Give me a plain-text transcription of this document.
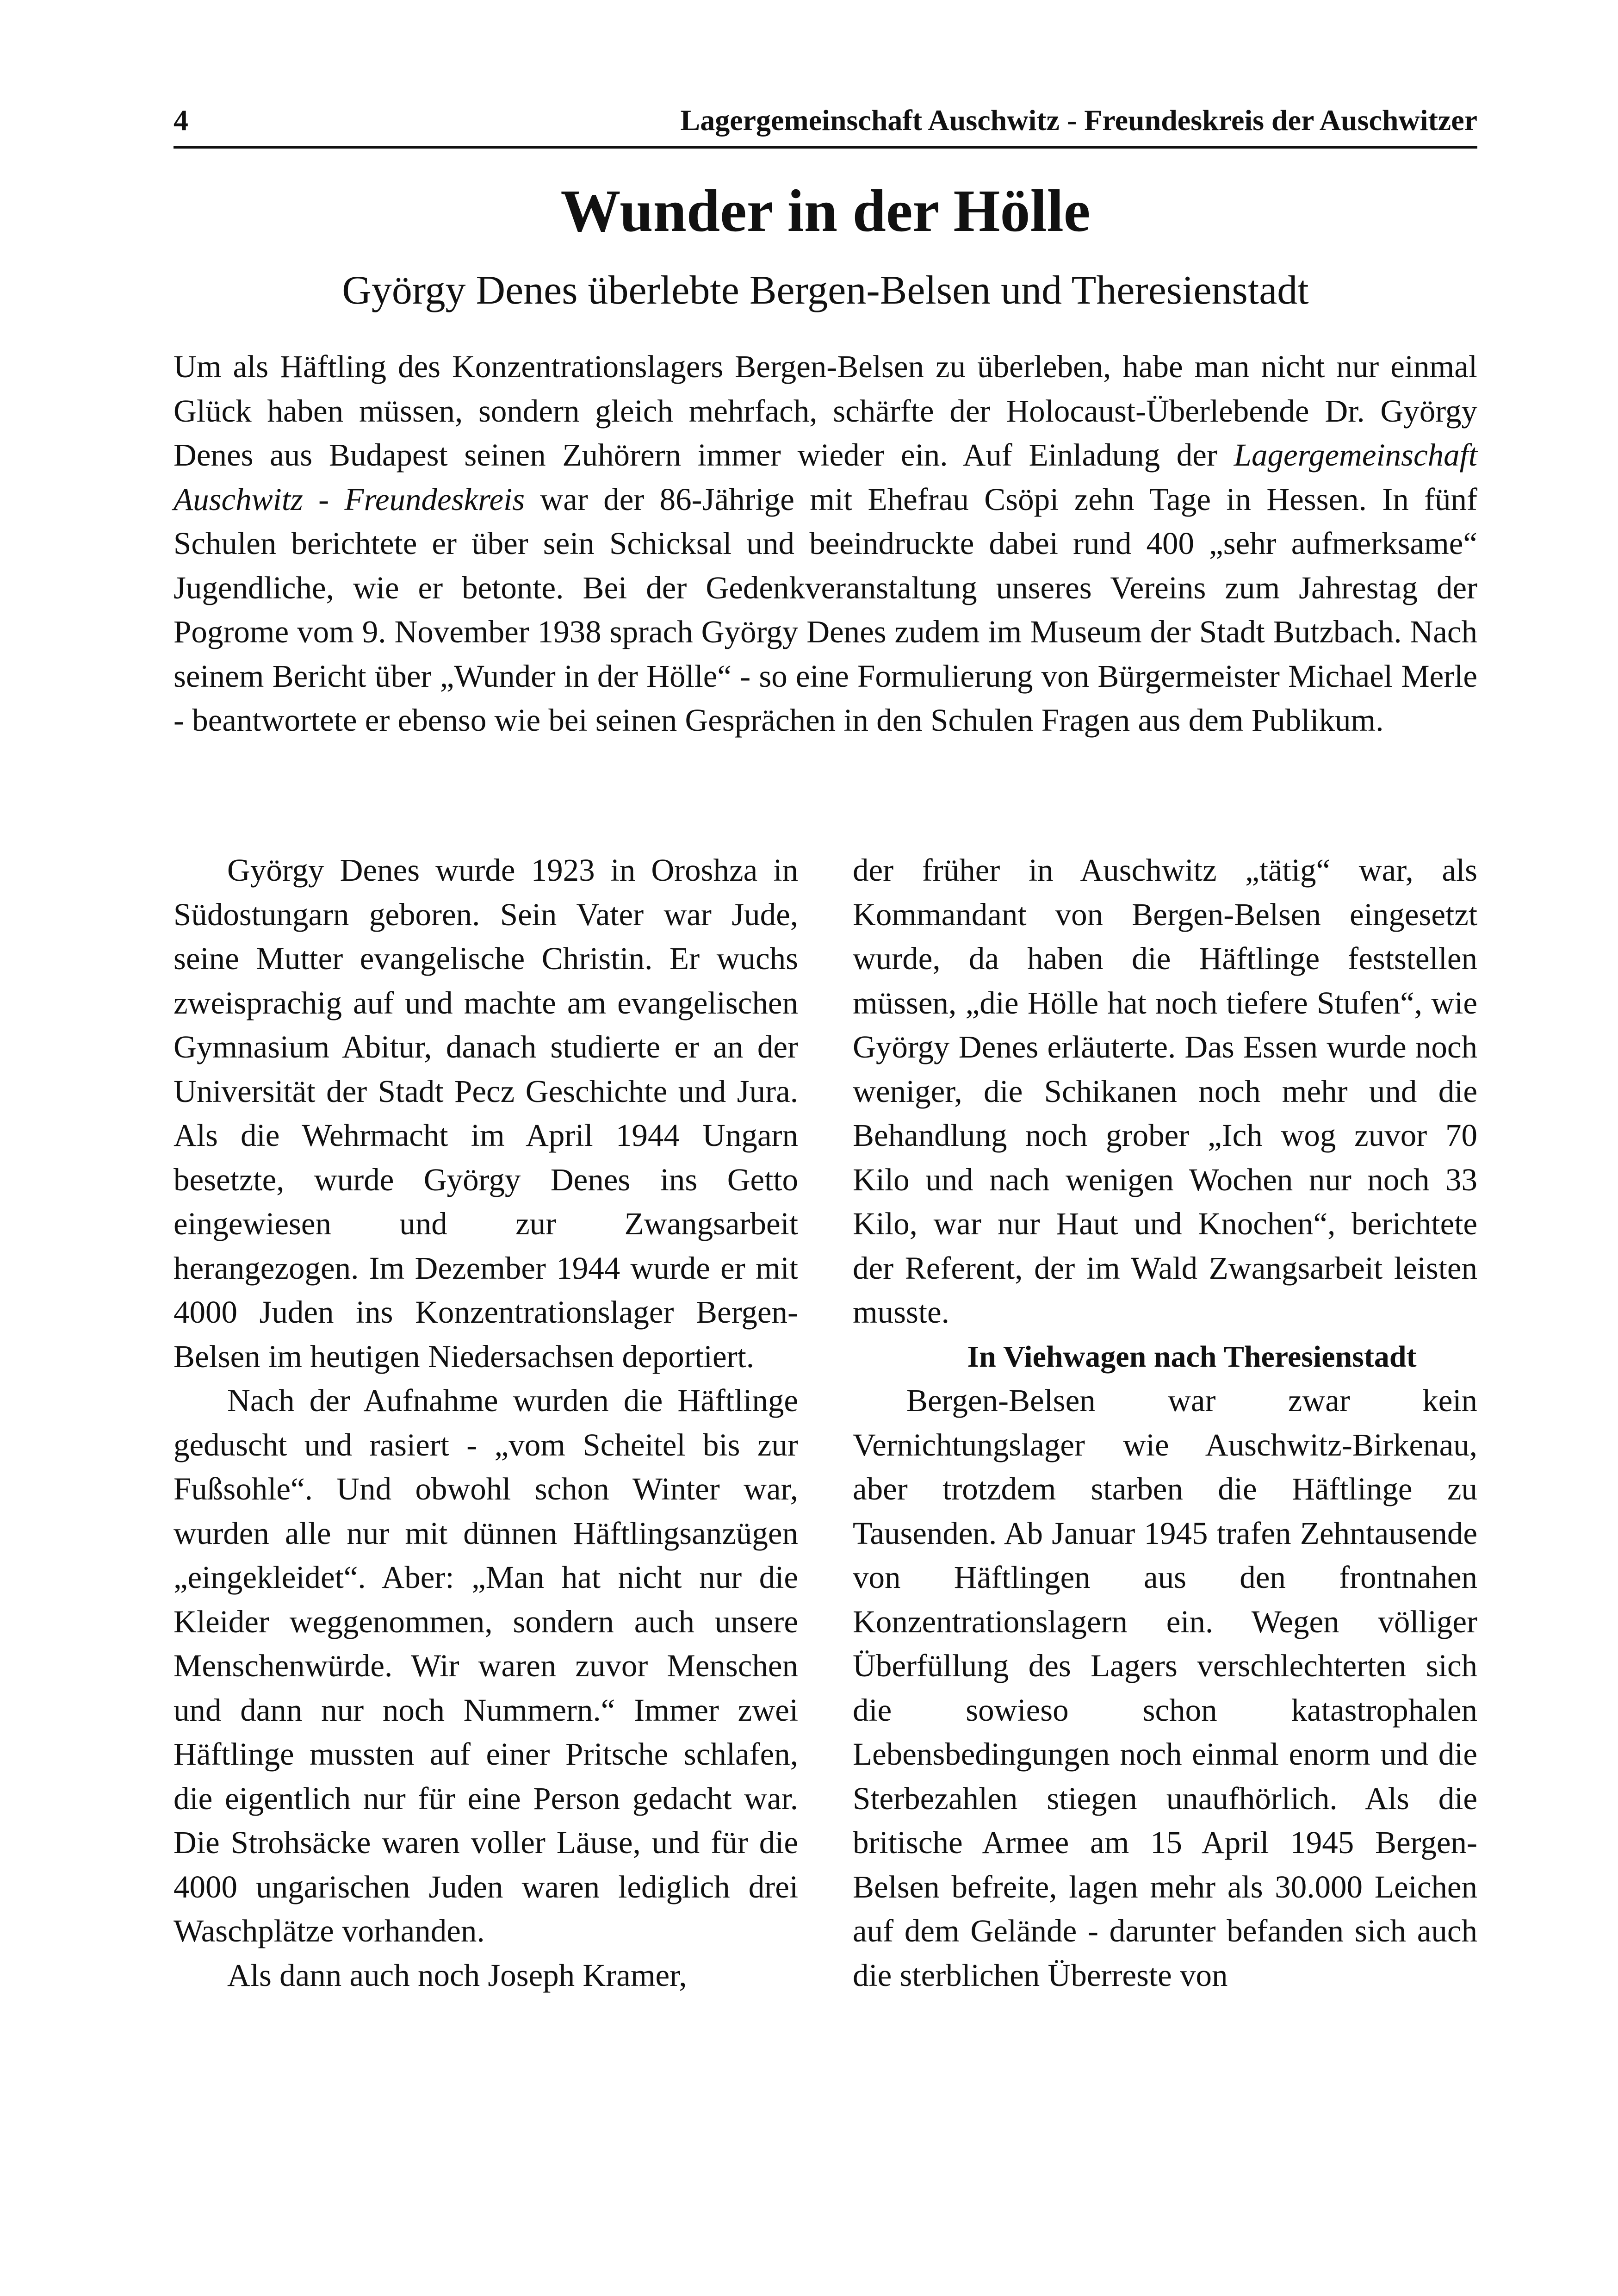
4	Lagergemeinschaft Auschwitz - Freundeskreis der Auschwitzer
Wunder in der Hölle
György Denes überlebte Bergen-Belsen und Theresienstadt

Um als Häftling des Konzentrationslagers Bergen-Belsen zu überleben, habe man nicht nur einmal Glück haben müssen, sondern gleich mehrfach, schärfte der Holocaust-Überlebende Dr. György Denes aus Budapest seinen Zuhörern immer wieder ein. Auf Einladung der Lagergemeinschaft Auschwitz - Freundeskreis war der 86-Jährige mit Ehefrau Csöpi zehn Tage in Hessen. In fünf Schulen berichtete er über sein Schicksal und beeindruckte dabei rund 400 „sehr aufmerksame“ Jugendliche, wie er betonte. Bei der Gedenkveranstaltung unseres Vereins zum Jahrestag der Pogrome vom 9. November 1938 sprach György Denes zudem im Museum der Stadt Butzbach. Nach seinem Bericht über „Wunder in der Hölle“ - so eine Formulierung von Bürgermeister Michael Merle - beantwortete er ebenso wie bei seinen Gesprächen in den Schulen Fragen aus dem Publikum.

György Denes wurde 1923 in Oroshza in Südostungarn geboren. Sein Vater war Jude, seine Mutter evangelische Christin. Er wuchs zweisprachig auf und machte am evangelischen Gymnasium Abitur, danach studierte er an der Universität der Stadt Pecz Geschichte und Jura. Als die Wehrmacht im April 1944 Ungarn besetzte, wurde György Denes ins Getto eingewiesen und zur Zwangsarbeit herangezogen. Im Dezember 1944 wurde er mit 4000 Juden ins Konzentrationslager Bergen-Belsen im heutigen Niedersachsen deportiert.

Nach der Aufnahme wurden die Häftlinge geduscht und rasiert - „vom Scheitel bis zur Fußsohle“. Und obwohl schon Winter war, wurden alle nur mit dünnen Häftlingsanzügen „eingekleidet“. Aber: „Man hat nicht nur die Kleider weggenommen, sondern auch unsere Menschenwürde. Wir waren zuvor Menschen und dann nur noch Nummern.“ Immer zwei Häftlinge mussten auf einer Pritsche schlafen, die eigentlich nur für eine Person gedacht war. Die Strohsäcke waren voller Läuse, und für die 4000 ungarischen Juden waren lediglich drei Waschplätze vorhanden.

Als dann auch noch Joseph Kramer,

der früher in Auschwitz „tätig“ war, als Kommandant von Bergen-Belsen eingesetzt wurde, da haben die Häftlinge feststellen müssen, „die Hölle hat noch tiefere Stufen“, wie György Denes erläuterte. Das Essen wurde noch weniger, die Schikanen noch mehr und die Behandlung noch grober „Ich wog zuvor 70 Kilo und nach wenigen Wochen nur noch 33 Kilo, war nur Haut und Knochen“, berichtete der Referent, der im Wald Zwangsarbeit leisten musste.

In Viehwagen nach Theresienstadt

Bergen-Belsen war zwar kein Vernichtungslager wie Auschwitz-Birkenau, aber trotzdem starben die Häftlinge zu Tausenden. Ab Januar 1945 trafen Zehntausende von Häftlingen aus den frontnahen Konzentrationslagern ein. Wegen völliger Überfüllung des Lagers verschlechterten sich die sowieso schon katastrophalen Lebensbedingungen noch einmal enorm und die Sterbezahlen stiegen unaufhörlich. Als die britische Armee am 15 April 1945 Bergen-Belsen befreite, lagen mehr als 30.000 Leichen auf dem Gelände - darunter befanden sich auch die sterblichen Überreste von
